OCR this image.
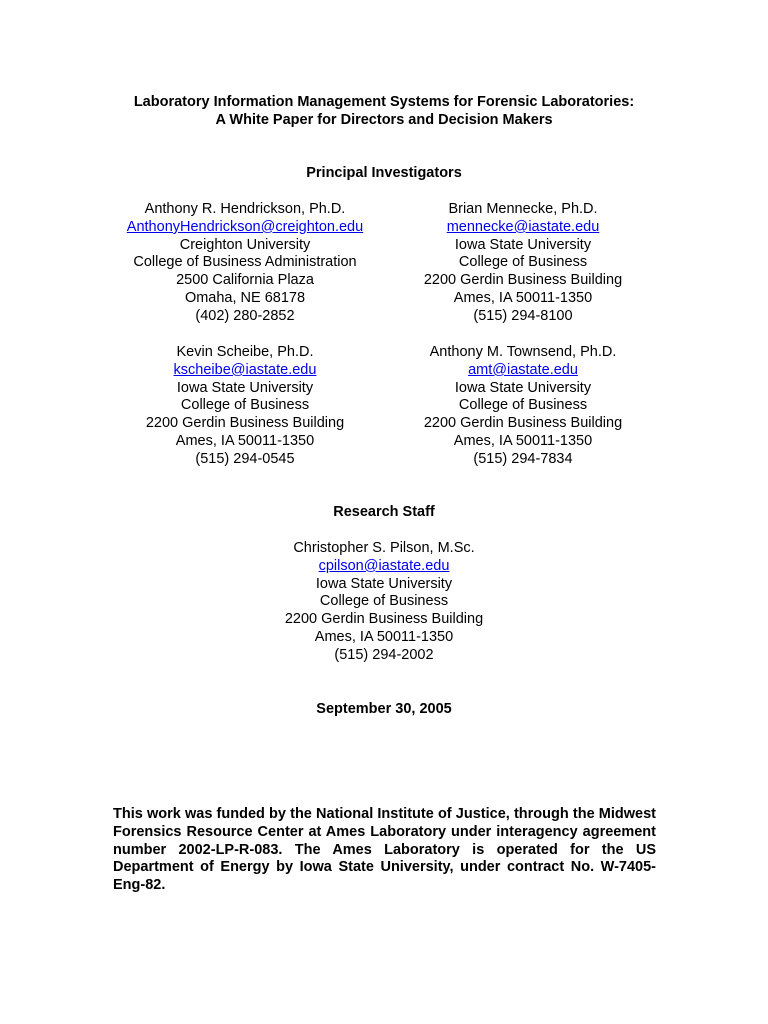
Laboratory Information Management Systems for Forensic Laboratories:
A White Paper for Directors and Decision Makers
Principal Investigators
Anthony R. Hendrickson, Ph.D.
AnthonyHendrickson@creighton.edu
Creighton University
College of Business Administration
2500 California Plaza
Omaha, NE 68178
(402) 280-2852
Brian Mennecke, Ph.D.
mennecke@iastate.edu
Iowa State University
College of Business
2200 Gerdin Business Building
Ames, IA 50011-1350
(515) 294-8100
Kevin Scheibe, Ph.D.
kscheibe@iastate.edu
Iowa State University
College of Business
2200 Gerdin Business Building
Ames, IA 50011-1350
(515) 294-0545
Anthony M. Townsend, Ph.D.
amt@iastate.edu
Iowa State University
College of Business
2200 Gerdin Business Building
Ames, IA 50011-1350
(515) 294-7834
Research Staff
Christopher S. Pilson, M.Sc.
cpilson@iastate.edu
Iowa State University
College of Business
2200 Gerdin Business Building
Ames, IA 50011-1350
(515) 294-2002
September 30, 2005
This work was funded by the National Institute of Justice, through the Midwest Forensics Resource Center at Ames Laboratory under interagency agreement number 2002-LP-R-083. The Ames Laboratory is operated for the US Department of Energy by Iowa State University, under contract No. W-7405-Eng-82.
